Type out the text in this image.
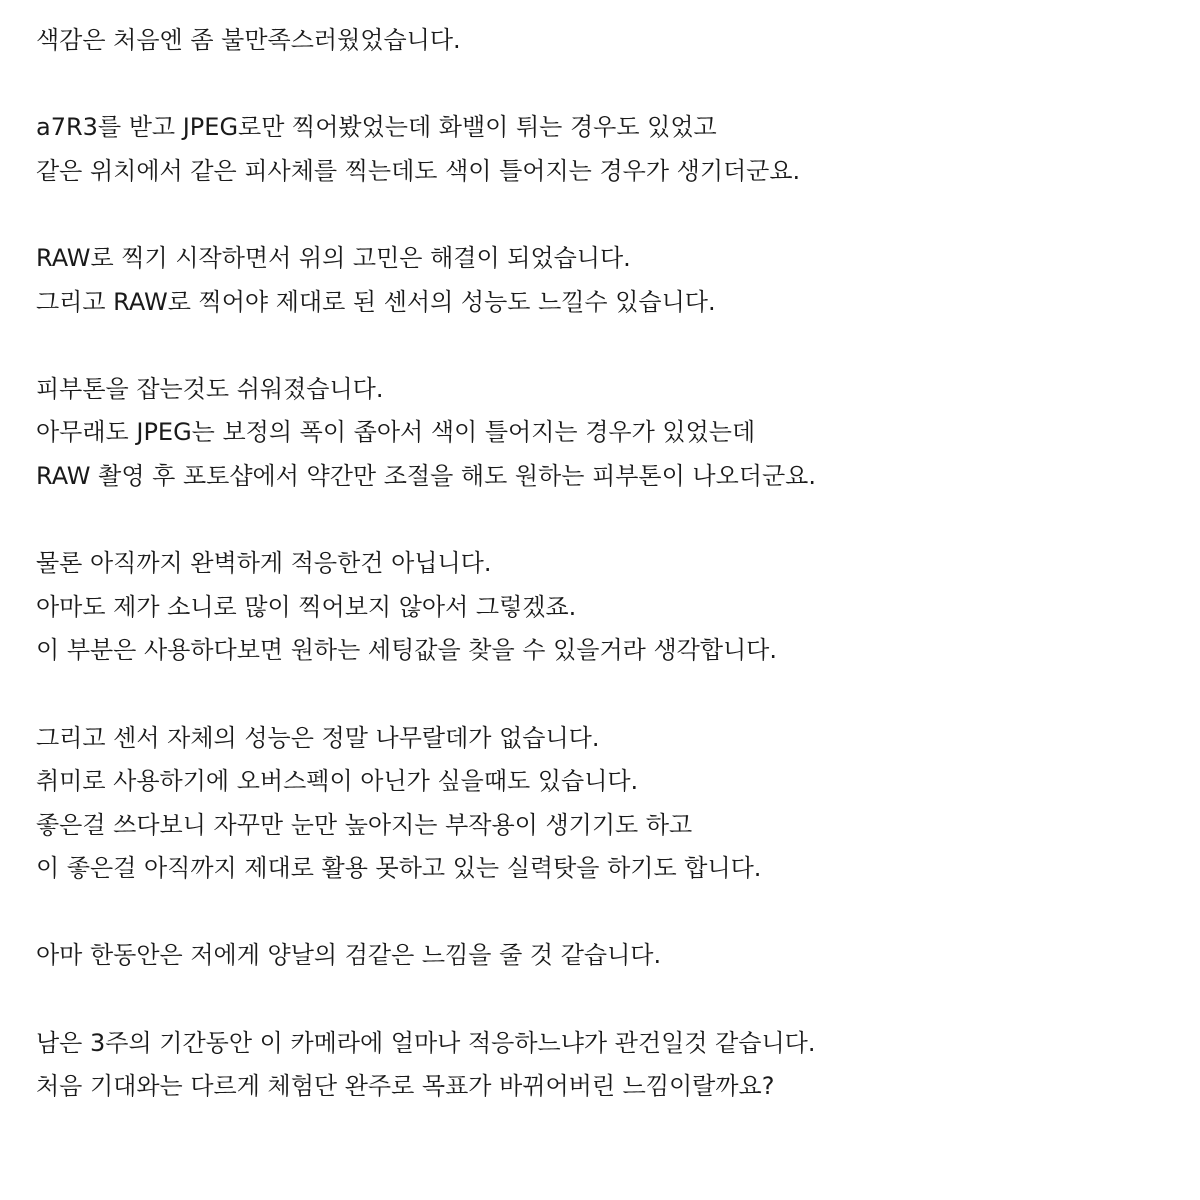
색감은 처음엔 좀 불만족스러웠었습니다.
a7R3를 받고 JPEG로만 찍어봤었는데 화밸이 튀는 경우도 있었고
같은 위치에서 같은 피사체를 찍는데도 색이 틀어지는 경우가 생기더군요.
RAW로 찍기 시작하면서 위의 고민은 해결이 되었습니다.
그리고 RAW로 찍어야 제대로 된 센서의 성능도 느낄수 있습니다.
피부톤을 잡는것도 쉬워졌습니다.
아무래도 JPEG는 보정의 폭이 좁아서 색이 틀어지는 경우가 있었는데
RAW 촬영 후 포토샵에서 약간만 조절을 해도 원하는 피부톤이 나오더군요.
물론 아직까지 완벽하게 적응한건 아닙니다.
아마도 제가 소니로 많이 찍어보지 않아서 그렇겠죠.
이 부분은 사용하다보면 원하는 세팅값을 찾을 수 있을거라 생각합니다.
그리고 센서 자체의 성능은 정말 나무랄데가 없습니다.
취미로 사용하기에 오버스펙이 아닌가 싶을때도 있습니다.
좋은걸 쓰다보니 자꾸만 눈만 높아지는 부작용이 생기기도 하고
이 좋은걸 아직까지 제대로 활용 못하고 있는 실력탓을 하기도 합니다.
아마 한동안은 저에게 양날의 검같은 느낌을 줄 것 같습니다.
남은 3주의 기간동안 이 카메라에 얼마나 적응하느냐가 관건일것 같습니다.
처음 기대와는 다르게 체험단 완주로 목표가 바뀌어버린 느낌이랄까요?
